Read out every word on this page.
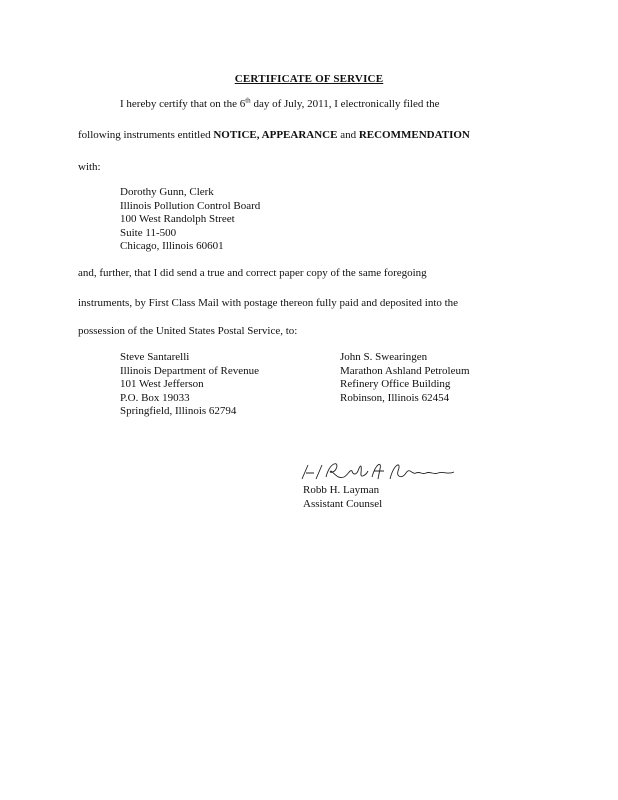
CERTIFICATE OF SERVICE
I hereby certify that on the 6th day of July, 2011, I electronically filed the
following instruments entitled NOTICE, APPEARANCE and RECOMMENDATION
with:
Dorothy Gunn, Clerk
Illinois Pollution Control Board
100 West Randolph Street
Suite 11-500
Chicago, Illinois 60601
and, further, that I did send a true and correct paper copy of the same foregoing
instruments, by First Class Mail with postage thereon fully paid and deposited into the
possession of the United States Postal Service, to:
Steve Santarelli
Illinois Department of Revenue
101 West Jefferson
P.O. Box 19033
Springfield, Illinois 62794
John S. Swearingen
Marathon Ashland Petroleum
Refinery Office Building
Robinson, Illinois 62454
Robb H. Layman
Assistant Counsel
